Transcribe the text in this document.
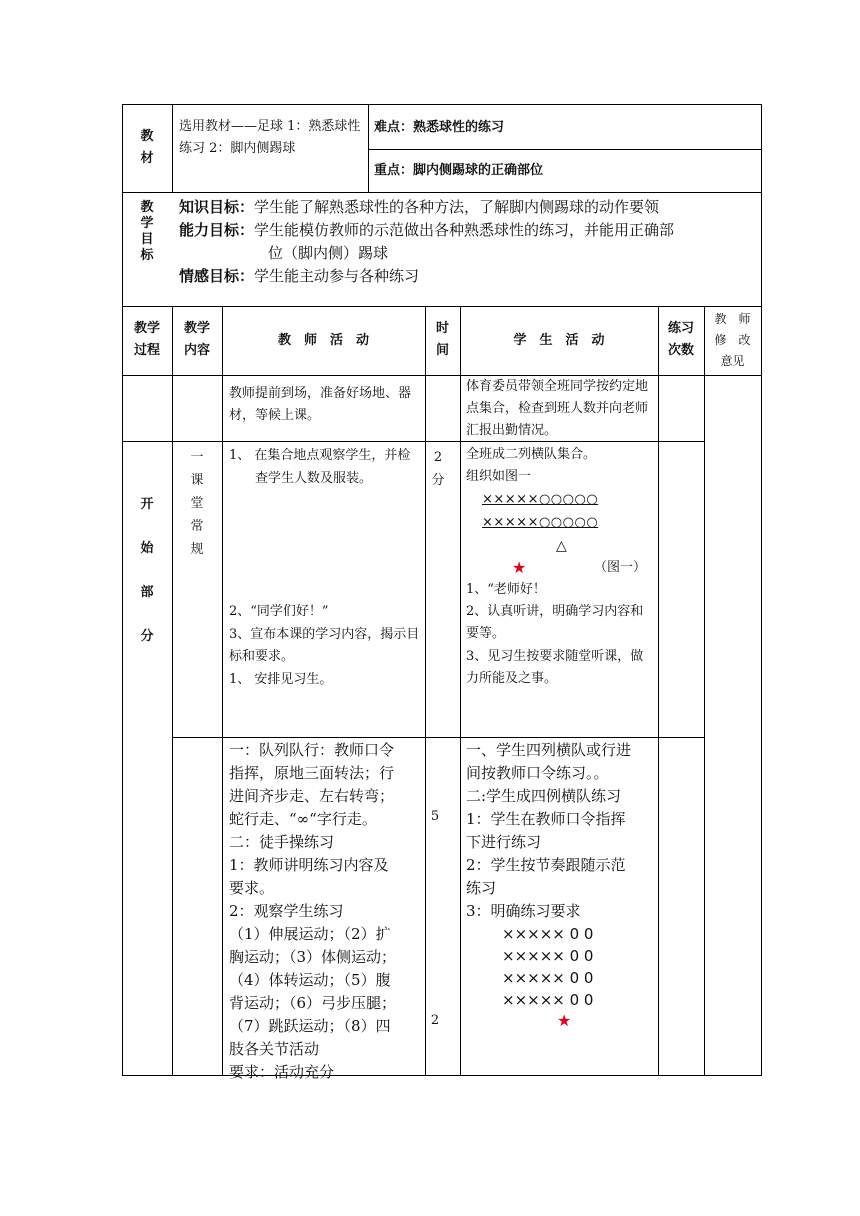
教
材
选用教材——足球 1：熟悉球性练习 2：脚内侧踢球
难点：熟悉球性的练习
重点：脚内侧踢球的正确部位
教
学
目
标
知识目标：学生能了解熟悉球性的各种方法，了解脚内侧踢球的动作要领
能力目标：学生能模仿教师的示范做出各种熟悉球性的练习，并能用正确部
位（脚内侧）踢球
情感目标：学生能主动参与各种练习
教学
过程
教学
内容
教　师　活　动
时
间
学　生　活　动
练习
次数
教　师
修　改
意见
教师提前到场，准备好场地、器材，等候上课。
体育委员带领全班同学按约定地点集合，检查到班人数并向老师汇报出勤情况。
开

始

部

分
一
课
堂
常
规
1、 在集合地点观察学生，并检查学生人数及服装。
2、“同学们好！”
3、宣布本课的学习内容，揭示目标和要求。
1、 安排见习生。
2
分
全班成二列横队集合。
组织如图一
×××××○○○○○
×××××○○○○○
△
★	（图一）
1、“老师好！
2、认真听讲，明确学习内容和要等。
3、见习生按要求随堂听课，做力所能及之事。
一：队列队行：教师口令
指挥，原地三面转法；行
进间齐步走、左右转弯；
蛇行走、“∞“字行走。
二：徒手操练习
1：教师讲明练习内容及
要求。
2：观察学生练习
（1）伸展运动；（2）扩
胸运动；（3）体侧运动；
（4）体转运动；（5）腹
背运动；（6）弓步压腿；
（7）跳跃运动；（8）四
肢各关节活动
要求：活动充分
5
2
一、学生四列横队或行进
间按教师口令练习。。
二:学生成四例横队练习
1：学生在教师口令指挥
下进行练习
2：学生按节奏跟随示范
练习
3：明确练习要求
××××× 0 0
××××× 0 0
××××× 0 0
××××× 0 0
★
